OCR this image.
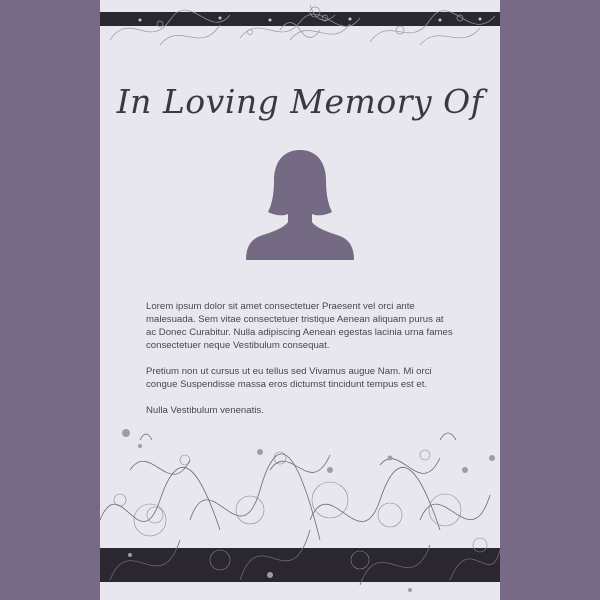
In Loving Memory Of

Lorem ipsum dolor sit amet consectetuer Praesent vel orci ante malesuada. Sem vitae consectetuer tristique Aenean aliquam purus at ac Donec Curabitur. Nulla adipiscing Aenean egestas lacinia urna fames consectetuer neque Vestibulum consequat.

Pretium non ut cursus ut eu tellus sed Vivamus augue Nam. Mi orci congue Suspendisse massa eros dictumst tincidunt tempus est et.

Nulla Vestibulum venenatis.
